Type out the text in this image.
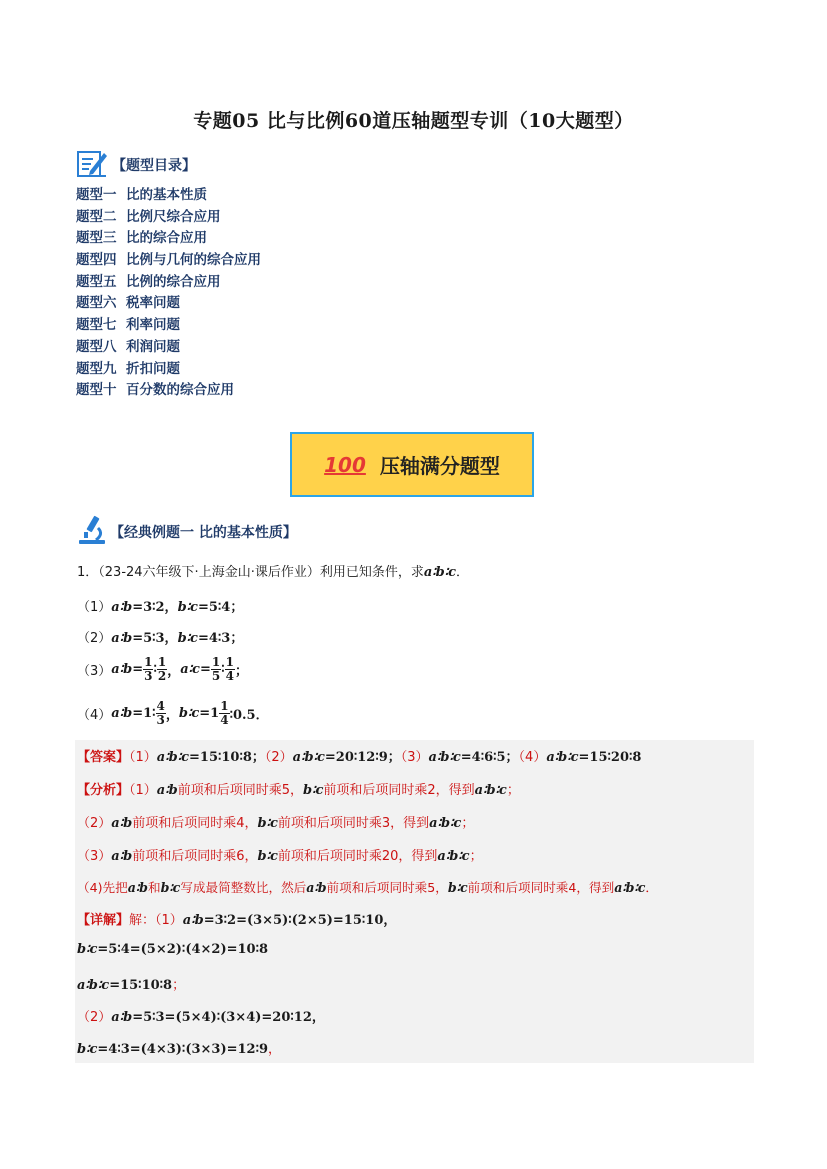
专题05 比与比例60道压轴题型专训（10大题型）
【题型目录】
题型一 比的基本性质
题型二 比例尺综合应用
题型三 比的综合应用
题型四 比例与几何的综合应用
题型五 比例的综合应用
题型六 税率问题
题型七 利率问题
题型八 利润问题
题型九 折扣问题
题型十 百分数的综合应用
100 压轴满分题型
【经典例题一 比的基本性质】
1．（23-24六年级下·上海金山·课后作业）利用已知条件，求a∶b∶c．
（1）a∶b=3∶2，b∶c=5∶4；
（2）a∶b=5∶3，b∶c=4∶3；
（3）a∶b= $\frac{1}{3}$ ∶ $\frac{1}{2}$ ，a∶c= $\frac{1}{5}$ ∶ $\frac{1}{4}$ ；
（4）a∶b=1∶ $\frac{4}{3}$ ，b∶c=1 $\frac{1}{4}$ ∶0.5．
【答案】（1）a∶b∶c=15∶10∶8；（2）a∶b∶c=20∶12∶9；（3）a∶b∶c=4∶6∶5；（4）a∶b∶c=15∶20∶8
【分析】（1）a∶b前项和后项同时乘5，b∶c前项和后项同时乘2，得到a∶b∶c；
（2）a∶b前项和后项同时乘4，b∶c前项和后项同时乘3，得到a∶b∶c；
（3）a∶b前项和后项同时乘6，b∶c前项和后项同时乘20，得到a∶b∶c；
（4)先把a∶b和b∶c写成最简整数比，然后a∶b前项和后项同时乘5，b∶c前项和后项同时乘4，得到a∶b∶c．
【详解】解：（1）a∶b=3∶2=(3×5)∶(2×5)=15∶10，
b∶c=5∶4=(5×2)∶(4×2)=10∶8
a∶b∶c=15∶10∶8；
（2）a∶b=5∶3=(5×4)∶(3×4)=20∶12，
b∶c=4∶3=(4×3)∶(3×3)=12∶9，
